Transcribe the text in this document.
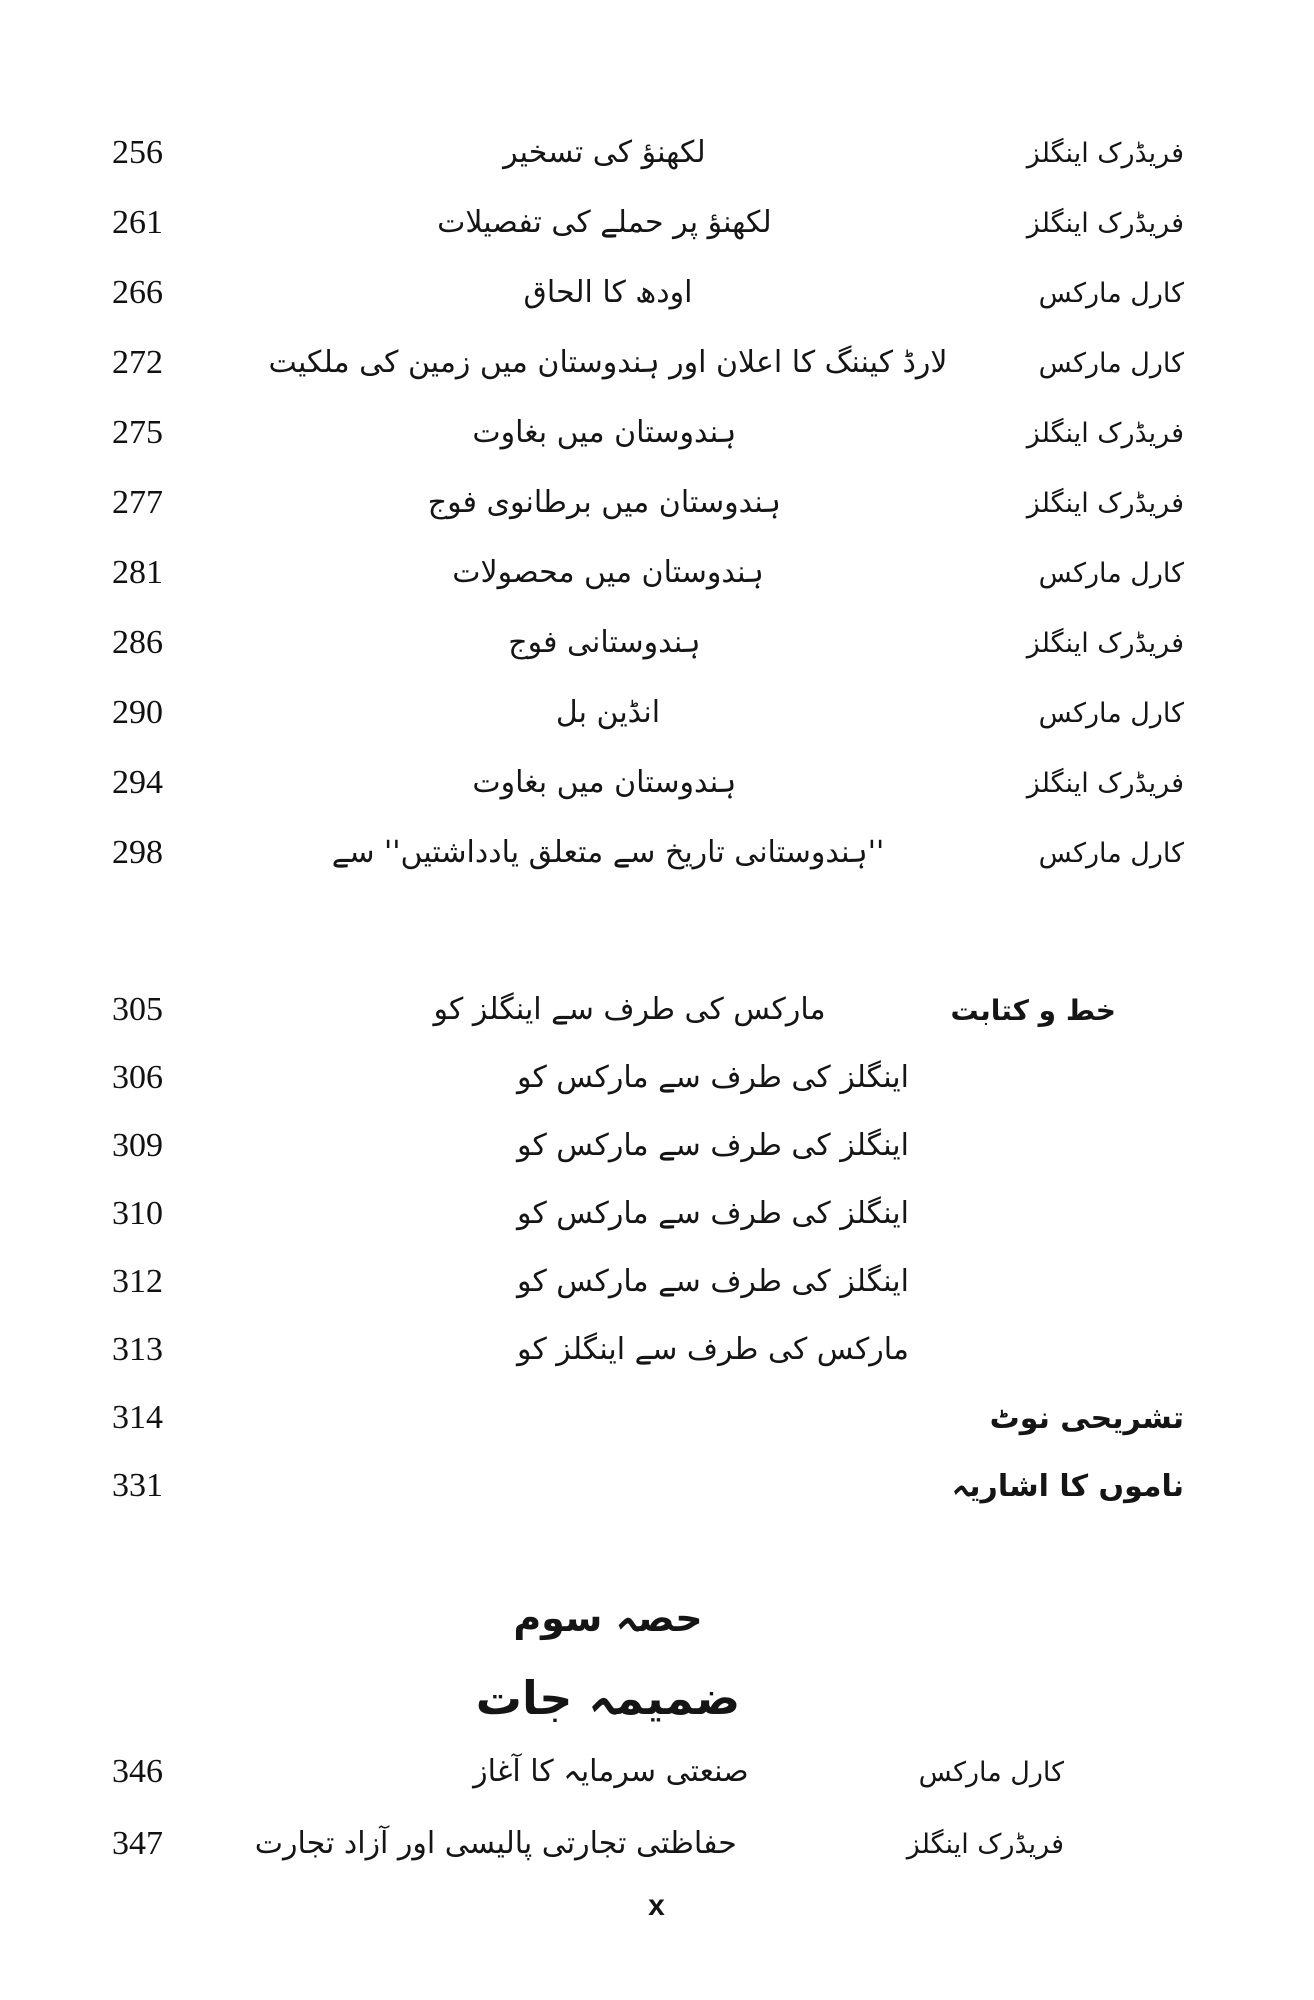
256	لکھنؤ کی تسخیر	فریڈرک اینگلز
261	لکھنؤ پر حملے کی تفصیلات	فریڈرک اینگلز
266	اودھ کا الحاق	کارل مارکس
272	لارڈ کیننگ کا اعلان اور ہندوستان میں زمین کی ملکیت	کارل مارکس
275	ہندوستان میں بغاوت	فریڈرک اینگلز
277	ہندوستان میں برطانوی فوج	فریڈرک اینگلز
281	ہندوستان میں محصولات	کارل مارکس
286	ہندوستانی فوج	فریڈرک اینگلز
290	انڈین بل	کارل مارکس
294	ہندوستان میں بغاوت	فریڈرک اینگلز
298	''ہندوستانی تاریخ سے متعلق یادداشتیں'' سے	کارل مارکس
305	مارکس کی طرف سے اینگلز کو	خط و کتابت
306	اینگلز کی طرف سے مارکس کو
309	اینگلز کی طرف سے مارکس کو
310	اینگلز کی طرف سے مارکس کو
312	اینگلز کی طرف سے مارکس کو
313	مارکس کی طرف سے اینگلز کو
314	تشریحی نوٹ
331	ناموں کا اشاریہ
حصہ سوم
ضمیمہ جات
346	صنعتی سرمایہ کا آغاز	کارل مارکس
347	حفاظتی تجارتی پالیسی اور آزاد تجارت	فریڈرک اینگلز
x
